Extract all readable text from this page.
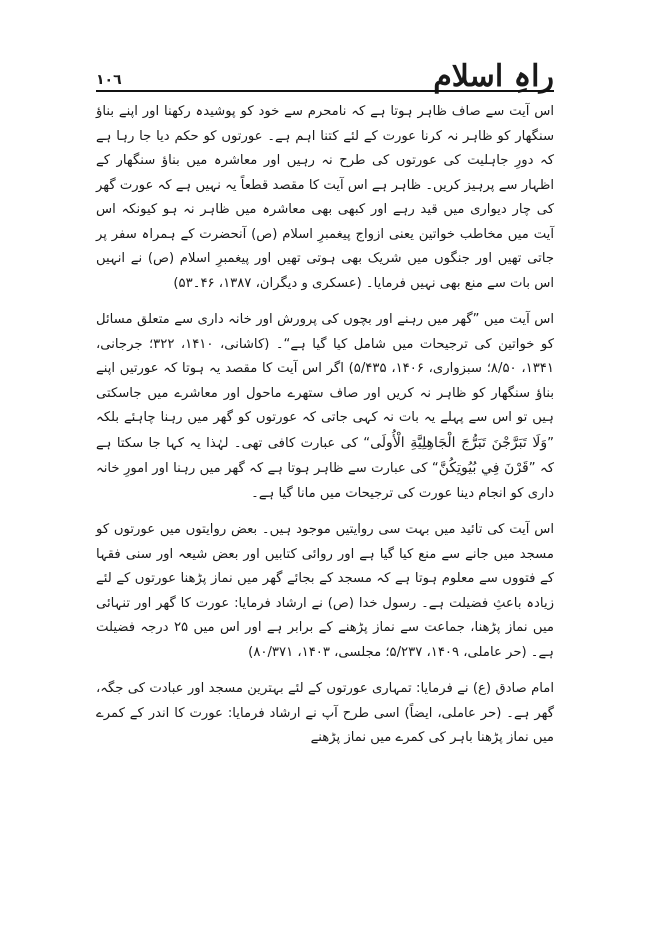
١٠٦	راہِ اسلام

اس آیت سے صاف ظاہر ہوتا ہے کہ نامحرم سے خود کو پوشیدہ رکھنا اور اپنے بناؤ سنگھار کو ظاہر نہ کرنا عورت کے لئے کتنا اہم ہے۔ عورتوں کو حکم دیا جا رہا ہے کہ دورِ جاہلیت کی عورتوں کی طرح نہ رہیں اور معاشرہ میں بناؤ سنگھار کے اظہار سے پرہیز کریں۔ ظاہر ہے اس آیت کا مقصد قطعاً یہ نہیں ہے کہ عورت گھر کی چار دیواری میں قید رہے اور کبھی بھی معاشرہ میں ظاہر نہ ہو کیونکہ اس آیت میں مخاطب خواتین یعنی ازواج پیغمبرِ اسلام (ص) آنحضرت کے ہمراہ سفر پر جاتی تھیں اور جنگوں میں شریک بھی ہوتی تھیں اور پیغمبرِ اسلام (ص) نے انہیں اس بات سے منع بھی نہیں فرمایا۔ (عسکری و دیگران، ۱۳۸۷، ۴۶۔۵۳)

اس آیت میں ”گھر میں رہنے اور بچوں کی پرورش اور خانہ داری سے متعلق مسائل کو خواتین کی ترجیحات میں شامل کیا گیا ہے“۔ (کاشانی، ۱۴۱۰، ۳۲۲؛ جرجانی، ۱۳۴۱، ۸/۵۰؛ سبزواری، ۱۴۰۶، ۵/۴۳۵) اگر اس آیت کا مقصد یہ ہوتا کہ عورتیں اپنے بناؤ سنگھار کو ظاہر نہ کریں اور صاف ستھرے ماحول اور معاشرے میں جاسکتی ہیں تو اس سے پہلے یہ بات نہ کہی جاتی کہ عورتوں کو گھر میں رہنا چاہئے بلکہ ”وَلَا تَبَرَّجْنَ تَبَرُّجَ الْجَاهِلِيَّةِ الْأُولَى“ کی عبارت کافی تھی۔ لہٰذا یہ کہا جا سکتا ہے کہ ”قَرْنَ فِي بُيُوتِكُنَّ“ کی عبارت سے ظاہر ہوتا ہے کہ گھر میں رہنا اور امورِ خانہ داری کو انجام دینا عورت کی ترجیحات میں مانا گیا ہے۔

اس آیت کی تائید میں بہت سی روایتیں موجود ہیں۔ بعض روایتوں میں عورتوں کو مسجد میں جانے سے منع کیا گیا ہے اور روائی کتابیں اور بعض شیعہ اور سنی فقہا کے فتووں سے معلوم ہوتا ہے کہ مسجد کے بجائے گھر میں نماز پڑھنا عورتوں کے لئے زیادہ باعثِ فضیلت ہے۔ رسول خدا (ص) نے ارشاد فرمایا: عورت کا گھر اور تنہائی میں نماز پڑھنا، جماعت سے نماز پڑھنے کے برابر ہے اور اس میں ۲۵ درجہ فضیلت ہے۔ (حر عاملی، ۱۴۰۹، ۵/۲۳۷؛ مجلسی، ۱۴۰۳، ۸۰/۳۷۱)

امام صادق (ع) نے فرمایا: تمہاری عورتوں کے لئے بہترین مسجد اور عبادت کی جگہ، گھر ہے۔ (حر عاملی، ایضاً) اسی طرح آپ نے ارشاد فرمایا: عورت کا اندر کے کمرے میں نماز پڑھنا باہر کی کمرے میں نماز پڑھنے
